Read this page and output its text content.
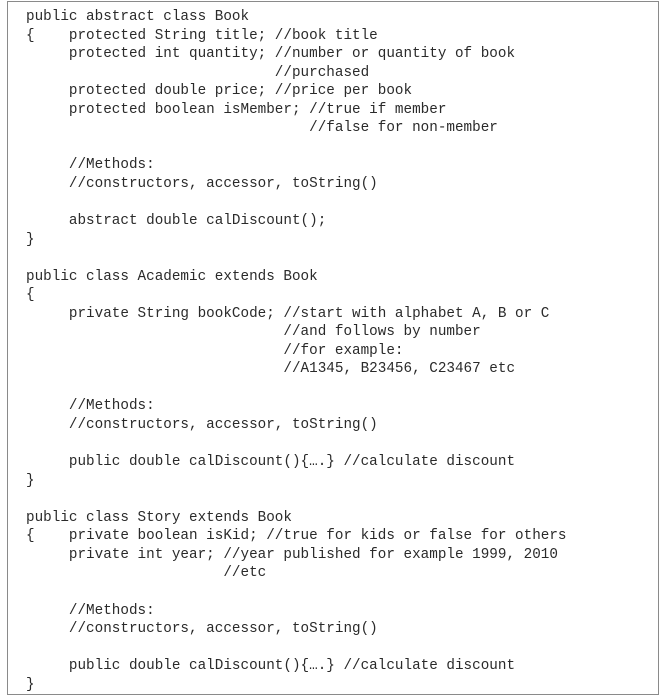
public abstract class Book
{    protected String title; //book title
protected int quantity; //number or quantity of book
//purchased
protected double price; //price per book
protected boolean isMember; //true if member
//false for non-member
//Methods:
//constructors, accessor, toString()
abstract double calDiscount();
}
public class Academic extends Book
{
private String bookCode; //start with alphabet A, B or C
//and follows by number
//for example:
//A1345, B23456, C23467 etc
//Methods:
//constructors, accessor, toString()
public double calDiscount(){….} //calculate discount
}
public class Story extends Book
{    private boolean isKid; //true for kids or false for others
private int year; //year published for example 1999, 2010
//etc
//Methods:
//constructors, accessor, toString()
public double calDiscount(){….} //calculate discount
}
